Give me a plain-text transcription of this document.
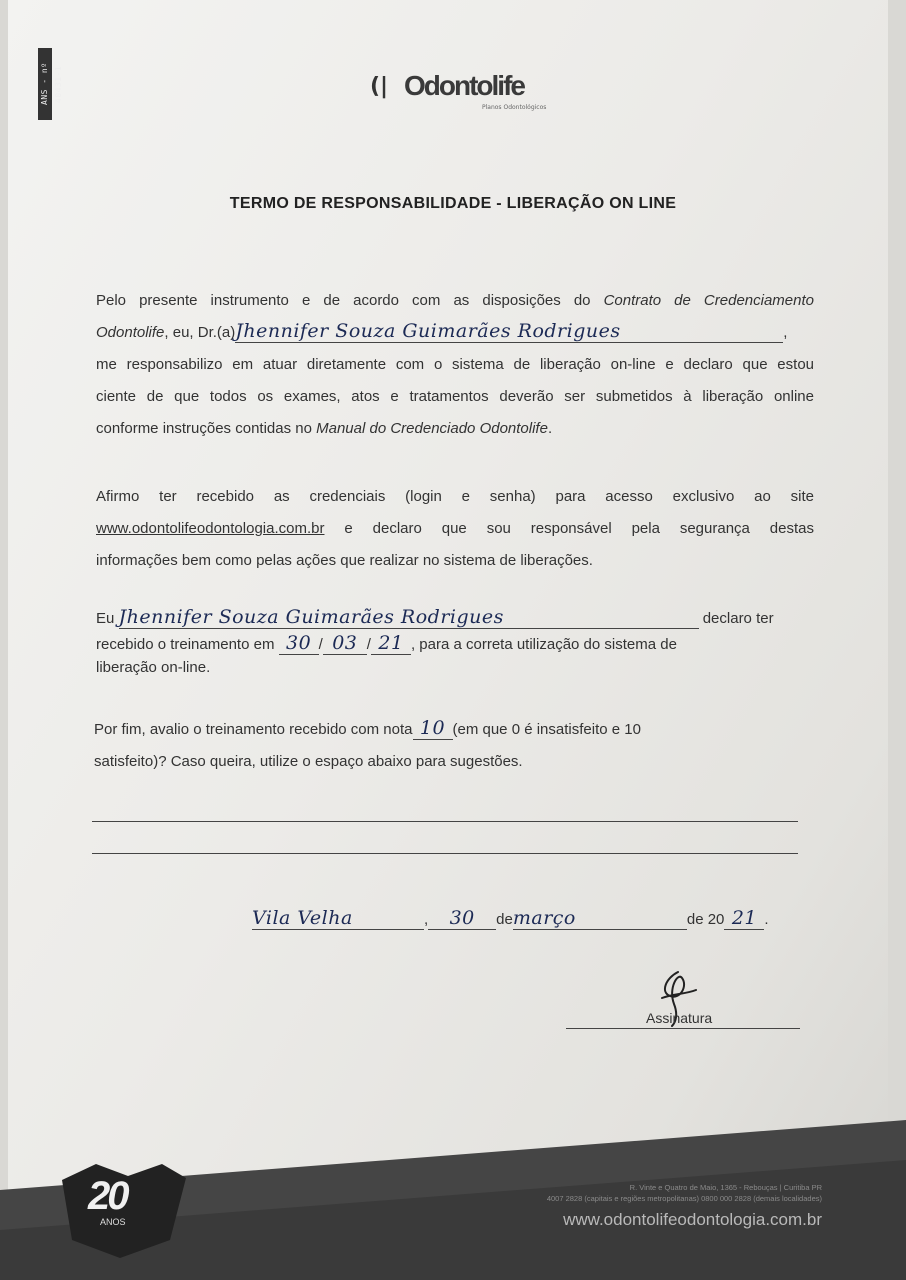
ANS - nº 40431-1	(| Odontolife
Planos Odontológicos
TERMO DE RESPONSABILIDADE - LIBERAÇÃO ON LINE
Pelo presente instrumento e de acordo com as disposições do Contrato de Credenciamento
Odontolife, eu, Dr.(a)Jhennifer Souza Guimarães Rodrigues	,
me responsabilizo em atuar diretamente com o sistema de liberação on-line e declaro que estou
ciente de que todos os exames, atos e tratamentos deverão ser submetidos à liberação online
conforme instruções contidas no Manual do Credenciado Odontolife.
Afirmo ter recebido as credenciais (login e senha) para acesso exclusivo ao site
www.odontolifeodontologia.com.br e declaro que sou responsável pela segurança destas
informações bem como pelas ações que realizar no sistema de liberações.
Eu Jhennifer Souza Guimarães Rodrigues	declaro ter
recebido o treinamento em 30 / 03 / 21 , para a correta utilização do sistema de
liberação on-line.
Por fim, avalio o treinamento recebido com nota 10 (em que 0 é insatisfeito e 10
satisfeito)? Caso queira, utilize o espaço abaixo para sugestões.
Vila Velha	, 30 demarço	de 20 21 .
Assinatura
20
ANOS
R. Vinte e Quatro de Maio, 1365 - Rebouças | Curitiba PR
4007 2828 (capitais e regiões metropolitanas) 0800 000 2828 (demais localidades)
www.odontolifeodontologia.com.br
